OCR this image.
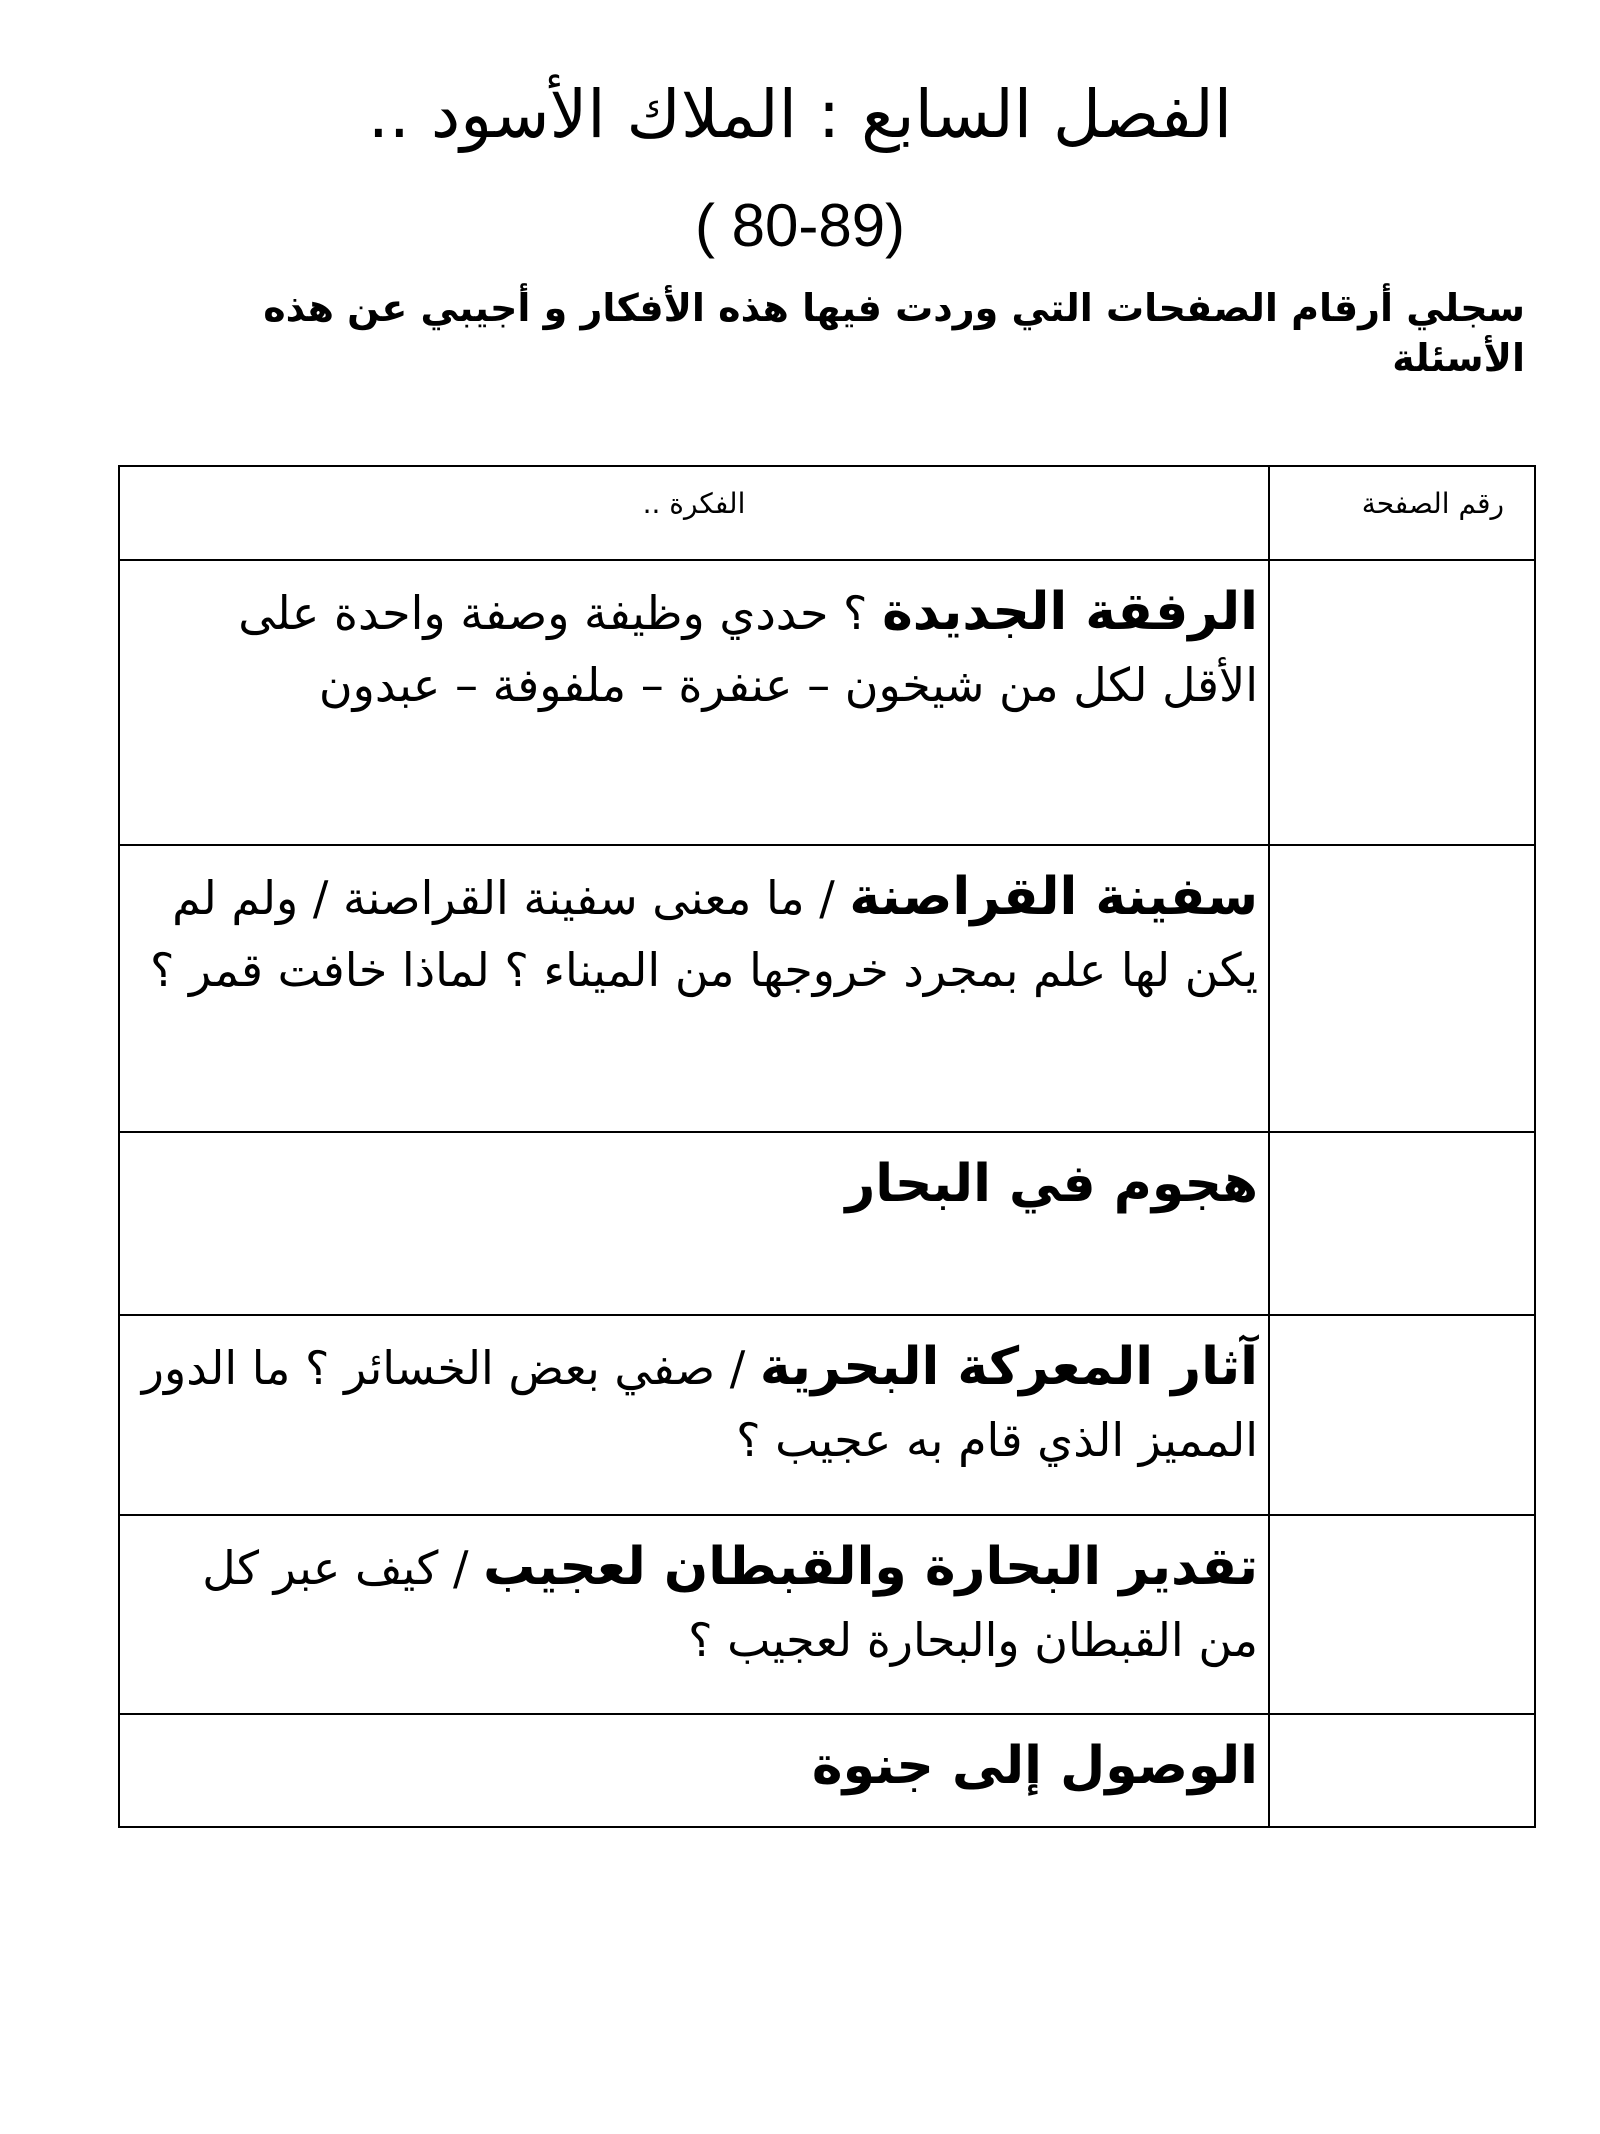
الفصل السابع : الملاك الأسود ..
( 80-89)
سجلي أرقام الصفحات التي وردت فيها هذه الأفكار و أجيبي عن هذه الأسئلة
رقم الصفحة	الفكرة ..
	الرفقة الجديدة ؟ حددي وظيفة وصفة واحدة على الأقل لكل من شيخون – عنفرة – ملفوفة – عبدون
	سفينة القراصنة / ما معنى سفينة القراصنة / ولم لم يكن لها علم بمجرد خروجها من الميناء ؟ لماذا خافت قمر ؟
	هجوم في البحار
	آثار المعركة البحرية / صفي بعض الخسائر ؟ ما الدور المميز الذي قام به عجيب ؟
	تقدير البحارة والقبطان لعجيب / كيف عبر كل من القبطان والبحارة لعجيب ؟
	الوصول إلى جنوة
